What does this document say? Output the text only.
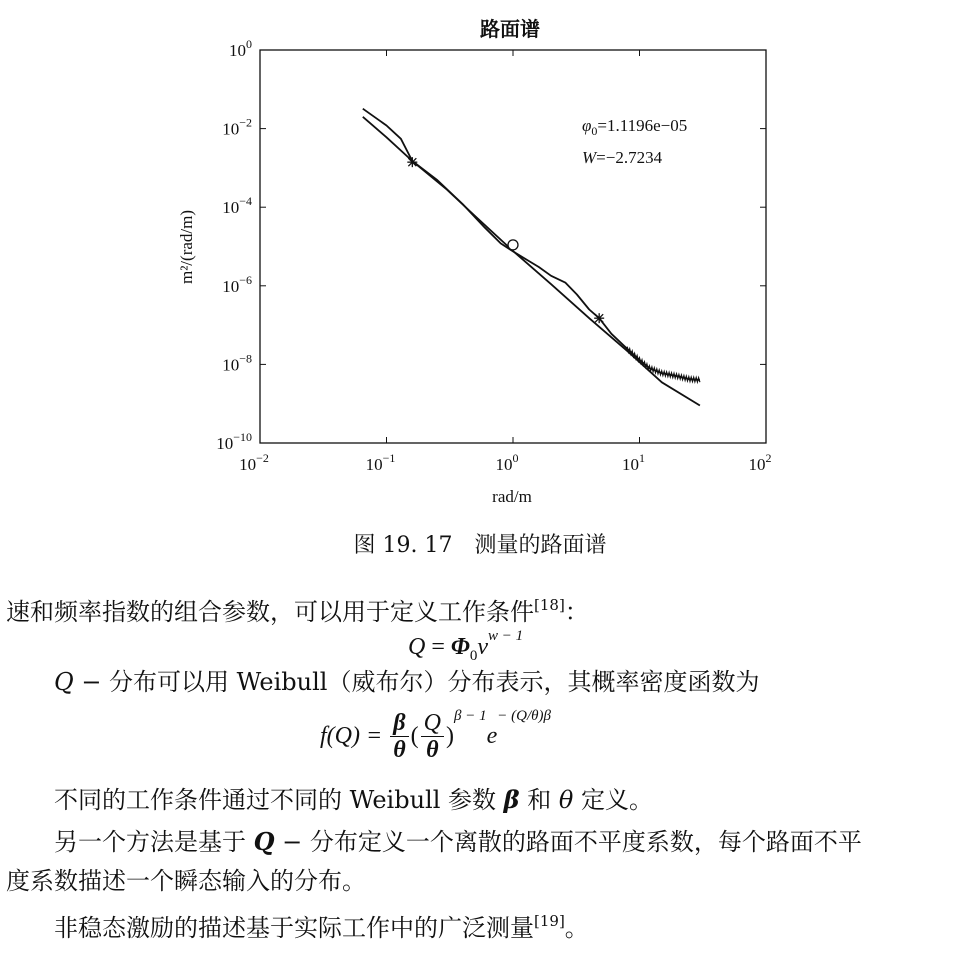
路面谱
$10^{-2}$	$10^{-1}$	$10^0$	$10^1$	$10^2$
$10^0$
$10^{-2}$
$10^{-4}$
$10^{-6}$
$10^{-8}$
$10^{-10}$
$\varphi_0=1.1196e-05$
W=−2.7234
rad/m
m²/(rad/m)
图 19. 17　测量的路面谱
速和频率指数的组合参数，可以用于定义工作条件[18]：
$Q = \Phi_0v^{w - 1}$
Q − 分布可以用 Weibull（威布尔）分布表示，其概率密度函数为
$f(Q) = \frac{\beta}{\theta}$ ( $\frac{Q}{\theta} )^{\beta - 1}e^{- (Q/\theta)\beta}$
不同的工作条件通过不同的 Weibull 参数 β 和 θ 定义。
另一个方法是基于 Q − 分布定义一个离散的路面不平度系数，每个路面不平
度系数描述一个瞬态输入的分布。
非稳态激励的描述基于实际工作中的广泛测量[19]。
